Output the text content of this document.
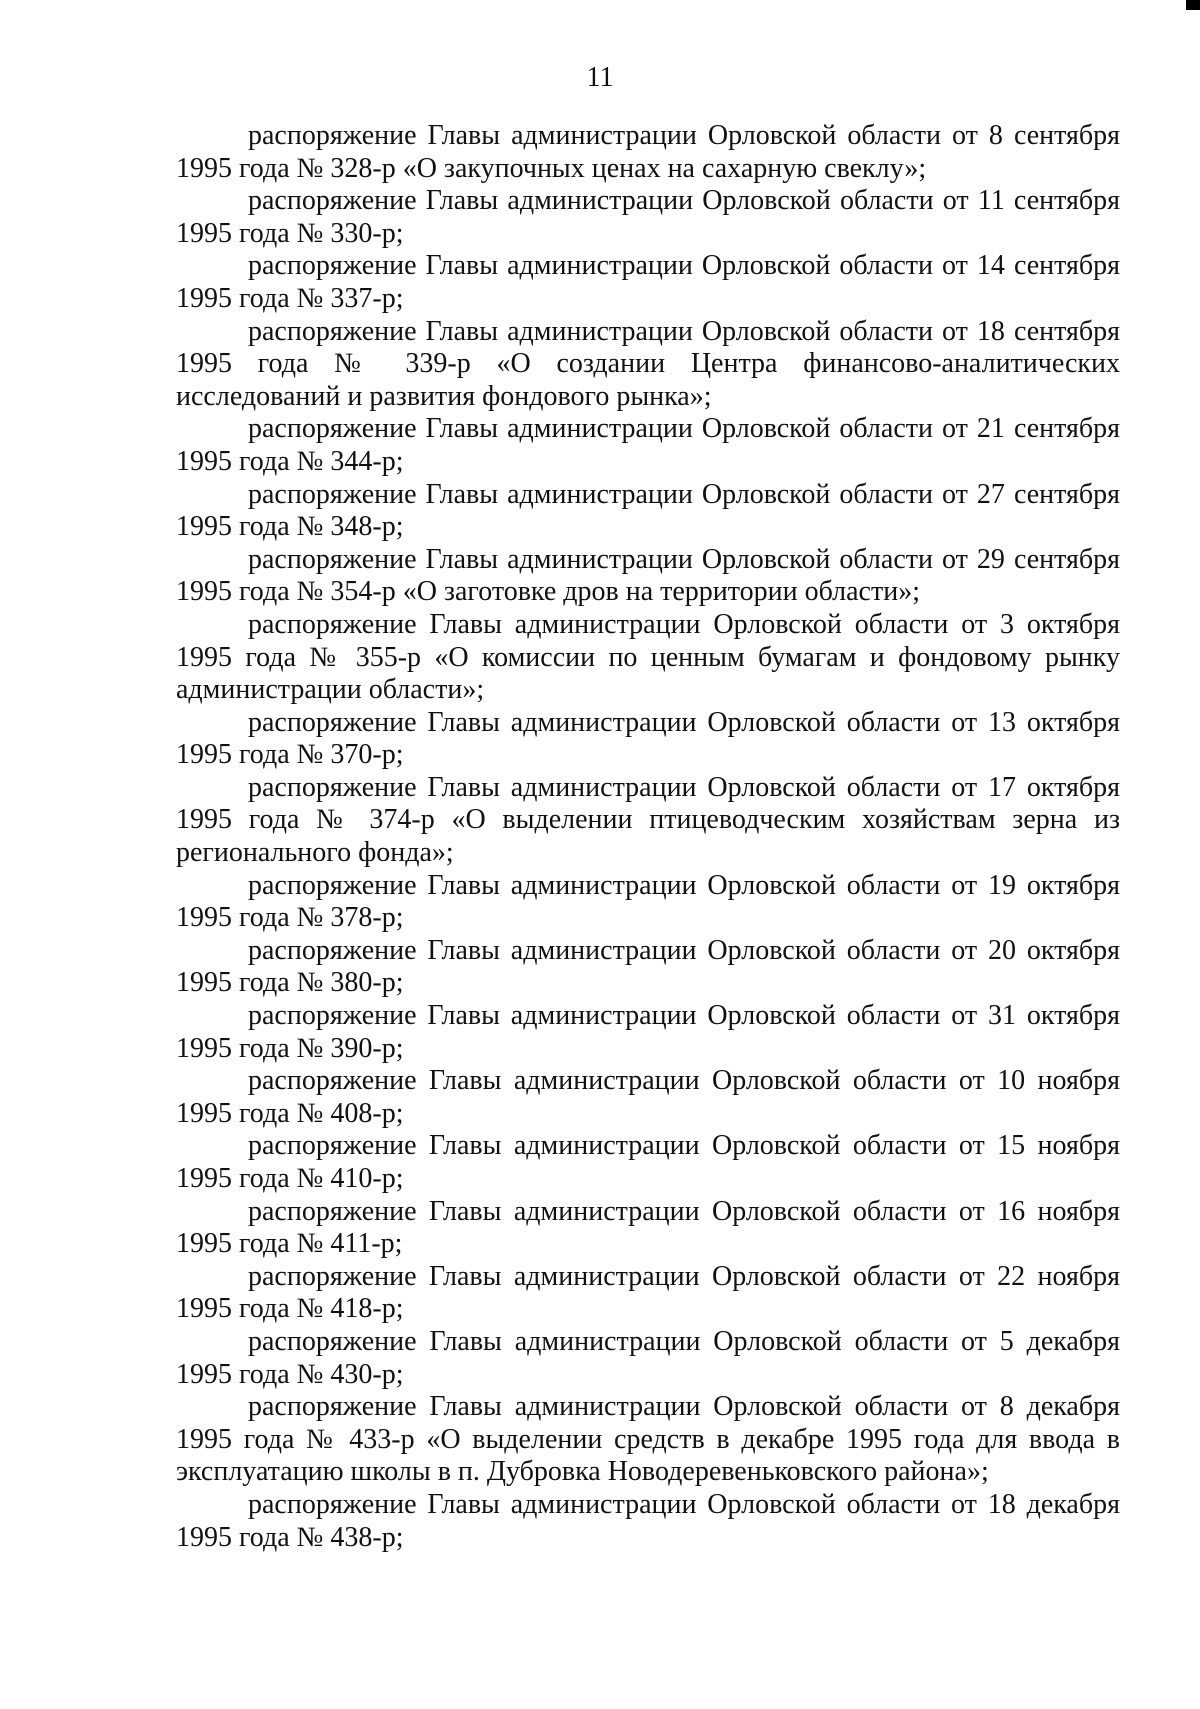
11

распоряжение Главы администрации Орловской области от 8 сентября 1995 года № 328-р «О закупочных ценах на сахарную свеклу»;

распоряжение Главы администрации Орловской области от 11 сентября 1995 года № 330-р;

распоряжение Главы администрации Орловской области от 14 сентября 1995 года № 337-р;

распоряжение Главы администрации Орловской области от 18 сентября 1995 года № 339-р «О создании Центра финансово-аналитических исследований и развития фондового рынка»;

распоряжение Главы администрации Орловской области от 21 сентября 1995 года № 344-р;

распоряжение Главы администрации Орловской области от 27 сентября 1995 года № 348-р;

распоряжение Главы администрации Орловской области от 29 сентября 1995 года № 354-р «О заготовке дров на территории области»;

распоряжение Главы администрации Орловской области от 3 октября 1995 года № 355-р «О комиссии по ценным бумагам и фондовому рынку администрации области»;

распоряжение Главы администрации Орловской области от 13 октября 1995 года № 370-р;

распоряжение Главы администрации Орловской области от 17 октября 1995 года № 374-р «О выделении птицеводческим хозяйствам зерна из регионального фонда»;

распоряжение Главы администрации Орловской области от 19 октября 1995 года № 378-р;

распоряжение Главы администрации Орловской области от 20 октября 1995 года № 380-р;

распоряжение Главы администрации Орловской области от 31 октября 1995 года № 390-р;

распоряжение Главы администрации Орловской области от 10 ноября 1995 года № 408-р;

распоряжение Главы администрации Орловской области от 15 ноября 1995 года № 410-р;

распоряжение Главы администрации Орловской области от 16 ноября 1995 года № 411-р;

распоряжение Главы администрации Орловской области от 22 ноября 1995 года № 418-р;

распоряжение Главы администрации Орловской области от 5 декабря 1995 года № 430-р;

распоряжение Главы администрации Орловской области от 8 декабря 1995 года № 433-р «О выделении средств в декабре 1995 года для ввода в эксплуатацию школы в п. Дубровка Новодеревеньковского района»;

распоряжение Главы администрации Орловской области от 18 декабря 1995 года № 438-р;
